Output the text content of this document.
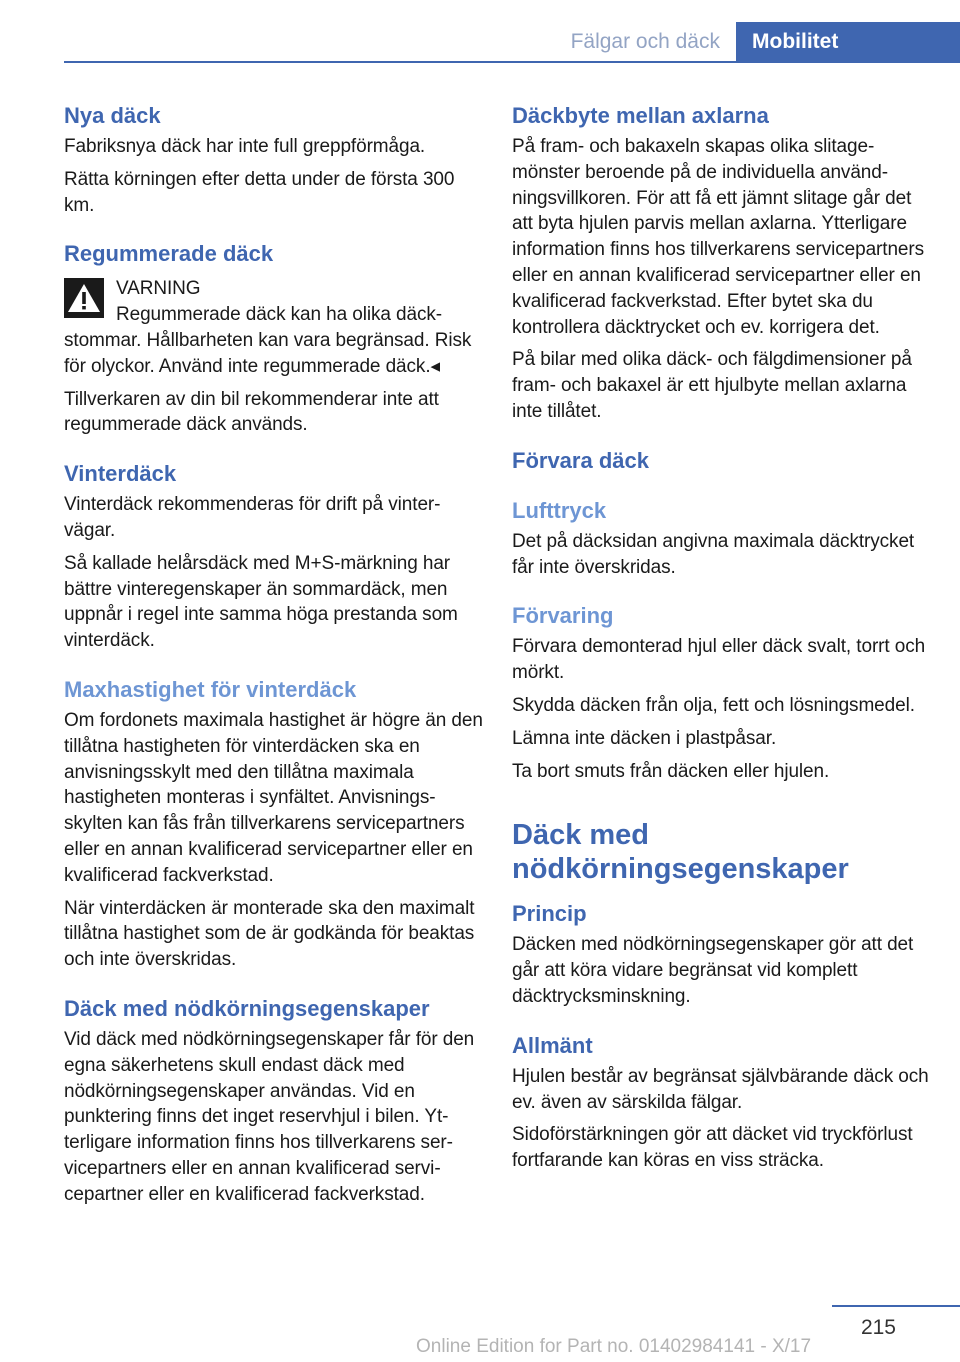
Fälgar och däck	Mobilitet
Nya däck

Fabriksnya däck har inte full greppförmåga.

Rätta körningen efter detta under de första 300 km.

Regummerade däck

VARNING

Regummerade däck kan ha olika däck-

stommar. Hållbarheten kan vara begränsad. Risk för olyckor. Använd inte regummerade däck.◂

Tillverkaren av din bil rekommenderar inte att regummerade däck används.

Vinterdäck

Vinterdäck rekommenderas för drift på vintervägar.

Så kallade helårsdäck med M+S-märkning har bättre vinteregenskaper än sommardäck, men uppnår i regel inte samma höga prestanda som vinterdäck.

Maxhastighet för vinterdäck

Om fordonets maximala hastighet är högre än den tillåtna hastigheten för vinterdäcken ska en anvisningsskylt med den tillåtna maximala hastigheten monteras i synfältet. Anvisningsskylten kan fås från tillverkarens servicepartners eller en annan kvalificerad servicepartner eller en kvalificerad fackverkstad.

När vinterdäcken är monterade ska den maximalt tillåtna hastighet som de är godkända för beaktas och inte överskridas.

Däck med nödkörningsegenskaper

Vid däck med nödkörningsegenskaper får för den egna säkerhetens skull endast däck med nödkörningsegenskaper användas. Vid en punktering finns det inget reservhjul i bilen. Ytterligare information finns hos tillverkarens servicepartners eller en annan kvalificerad servicepartner eller en kvalificerad fackverkstad.

Däckbyte mellan axlarna

På fram- och bakaxeln skapas olika slitagemönster beroende på de individuella användningsvillkoren. För att få ett jämnt slitage går det att byta hjulen parvis mellan axlarna. Ytterligare information finns hos tillverkarens servicepartners eller en annan kvalificerad servicepartner eller en kvalificerad fackverkstad. Efter bytet ska du kontrollera däcktrycket och ev. korrigera det.

På bilar med olika däck- och fälgdimensioner på fram- och bakaxel är ett hjulbyte mellan axlarna inte tillåtet.

Förvara däck
Lufttryck

Det på däcksidan angivna maximala däcktrycket får inte överskridas.

Förvaring

Förvara demonterad hjul eller däck svalt, torrt och mörkt.

Skydda däcken från olja, fett och lösningsmedel.

Lämna inte däcken i plastpåsar.

Ta bort smuts från däcken eller hjulen.

Däck med nödkörningsegenskaper
Princip

Däcken med nödkörningsegenskaper gör att det går att köra vidare begränsat vid komplett däcktrycksminskning.

Allmänt

Hjulen består av begränsat självbärande däck och ev. även av särskilda fälgar.

Sidoförstärkningen gör att däcket vid tryckförlust fortfarande kan köras en viss sträcka.

215
Online Edition for Part no. 01402984141 - X/17
